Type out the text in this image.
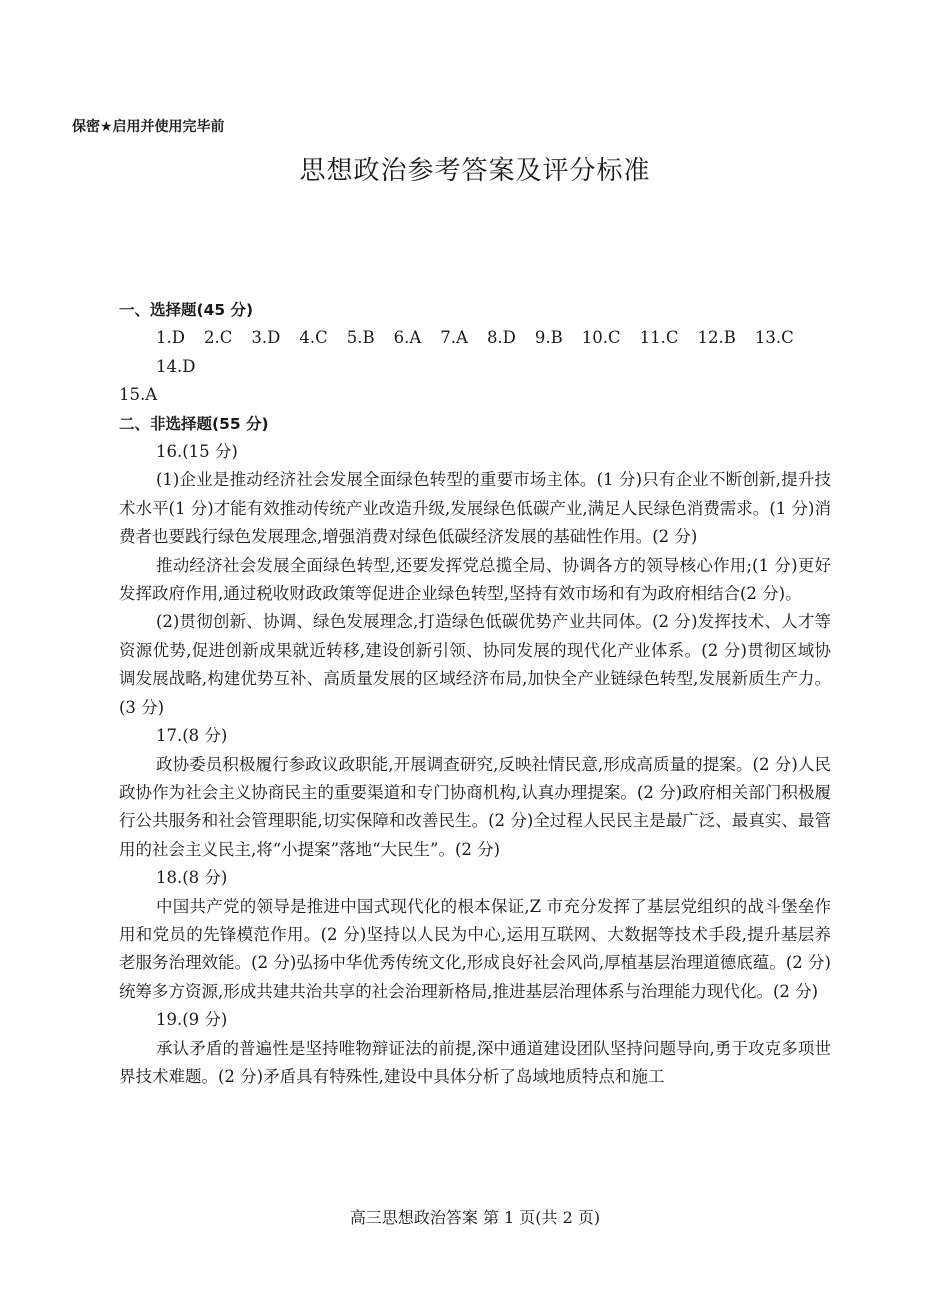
保密★启用并使用完毕前
思想政治参考答案及评分标准
一、选择题(45 分)
1.D 2.C 3.D 4.C 5.B 6.A 7.A 8.D 9.B 10.C 11.C 12.B 13.C
14.D
15.A
二、非选择题(55 分)

16.(15 分)

(1)企业是推动经济社会发展全面绿色转型的重要市场主体。(1 分)只有企业不断创新,提升技术水平(1 分)才能有效推动传统产业改造升级,发展绿色低碳产业,满足人民绿色消费需求。(1 分)消费者也要践行绿色发展理念,增强消费对绿色低碳经济发展的基础性作用。(2 分)

推动经济社会发展全面绿色转型,还要发挥党总揽全局、协调各方的领导核心作用;(1 分)更好发挥政府作用,通过税收财政政策等促进企业绿色转型,坚持有效市场和有为政府相结合(2 分)。

(2)贯彻创新、协调、绿色发展理念,打造绿色低碳优势产业共同体。(2 分)发挥技术、人才等资源优势,促进创新成果就近转移,建设创新引领、协同发展的现代化产业体系。(2 分)贯彻区域协调发展战略,构建优势互补、高质量发展的区域经济布局,加快全产业链绿色转型,发展新质生产力。(3 分)

17.(8 分)

政协委员积极履行参政议政职能,开展调查研究,反映社情民意,形成高质量的提案。(2 分)人民政协作为社会主义协商民主的重要渠道和专门协商机构,认真办理提案。(2 分)政府相关部门积极履行公共服务和社会管理职能,切实保障和改善民生。(2 分)全过程人民民主是最广泛、最真实、最管用的社会主义民主,将“小提案”落地“大民生”。(2 分)

18.(8 分)

中国共产党的领导是推进中国式现代化的根本保证,Z 市充分发挥了基层党组织的战斗堡垒作用和党员的先锋模范作用。(2 分)坚持以人民为中心,运用互联网、大数据等技术手段,提升基层养老服务治理效能。(2 分)弘扬中华优秀传统文化,形成良好社会风尚,厚植基层治理道德底蕴。(2 分)统筹多方资源,形成共建共治共享的社会治理新格局,推进基层治理体系与治理能力现代化。(2 分)

19.(9 分)

承认矛盾的普遍性是坚持唯物辩证法的前提,深中通道建设团队坚持问题导向,勇于攻克多项世界技术难题。(2 分)矛盾具有特殊性,建设中具体分析了岛域地质特点和施工

高三思想政治答案 第 1 页(共 2 页)
